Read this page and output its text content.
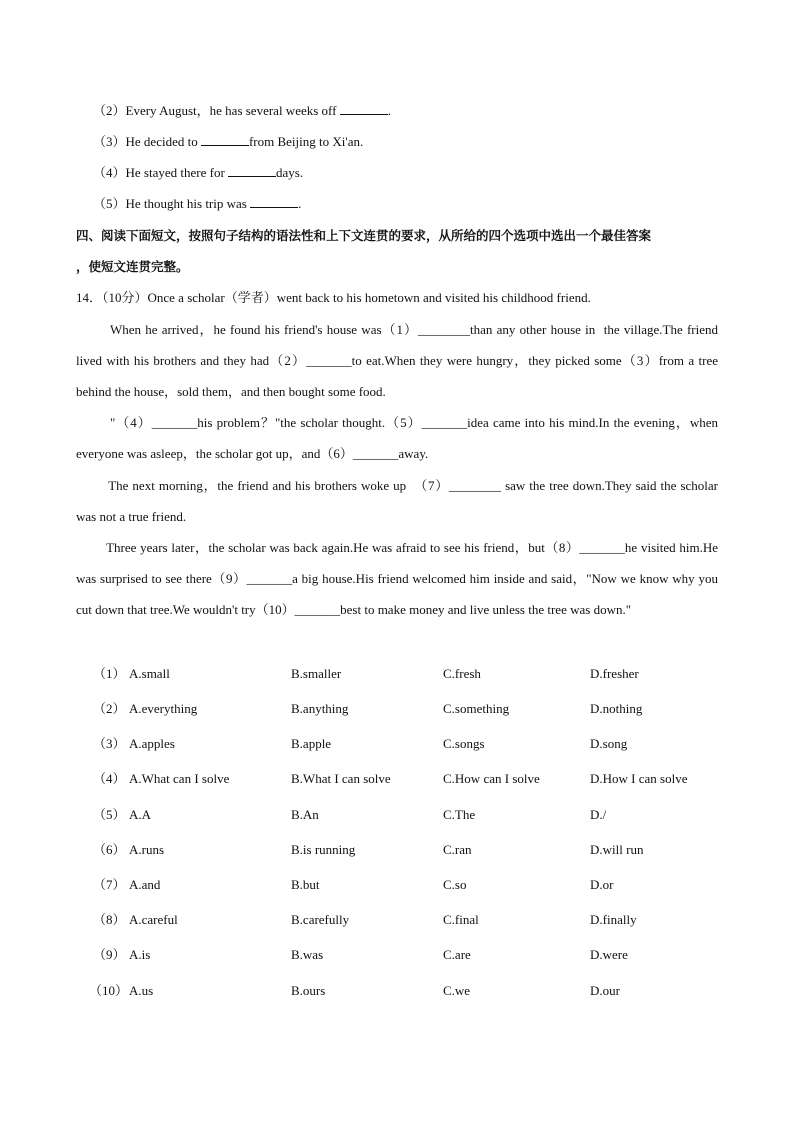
（2）Every August，he has several weeks off	.
（3）He decided to	from Beijing to Xi'an.
（4）He stayed there for	days.
（5）He thought his trip was	.
四、阅读下面短文，按照句子结构的语法性和上下文连贯的要求，从所给的四个选项中选出一个最佳答案
，使短文连贯完整。
14．（10分）Once a scholar（学者）went back to his hometown and visited his childhood friend.
When he arrived，he found his friend's house was（1）________than any other house in  the village.The friend lived with his brothers and they had（2）_______to eat.When they were hungry，they picked some（3）from a tree behind the house，sold them，and then bought some food.
"（4）_______his problem？"the scholar thought.（5）_______idea came into his mind.In the evening，when everyone was asleep，the scholar got up，and（6）_______away.
The next morning，the friend and his brothers woke up  （7）________ saw the tree down.They said the scholar was not a true friend.
Three years later，the scholar was back again.He was afraid to see his friend，but（8）_______he visited him.He was surprised to see there（9）_______a big house.His friend welcomed him inside and said，"Now we know why you cut down that tree.We wouldn't try（10）_______best to make money and live unless the tree was down."
（1） A.small	B.smaller	C.fresh	D.fresher
（2） A.everything	B.anything	C.something	D.nothing
（3） A.apples	B.apple	C.songs	D.song
（4） A.What can I solve	B.What I can solve	C.How can I solve	D.How I can solve
（5） A.A	B.An	C.The	D./
（6） A.runs	B.is running	C.ran	D.will run
（7） A.and	B.but	C.so	D.or
（8） A.careful	B.carefully	C.final	D.finally
（9） A.is	B.was	C.are	D.were
（10） A.us	B.ours	C.we	D.our
